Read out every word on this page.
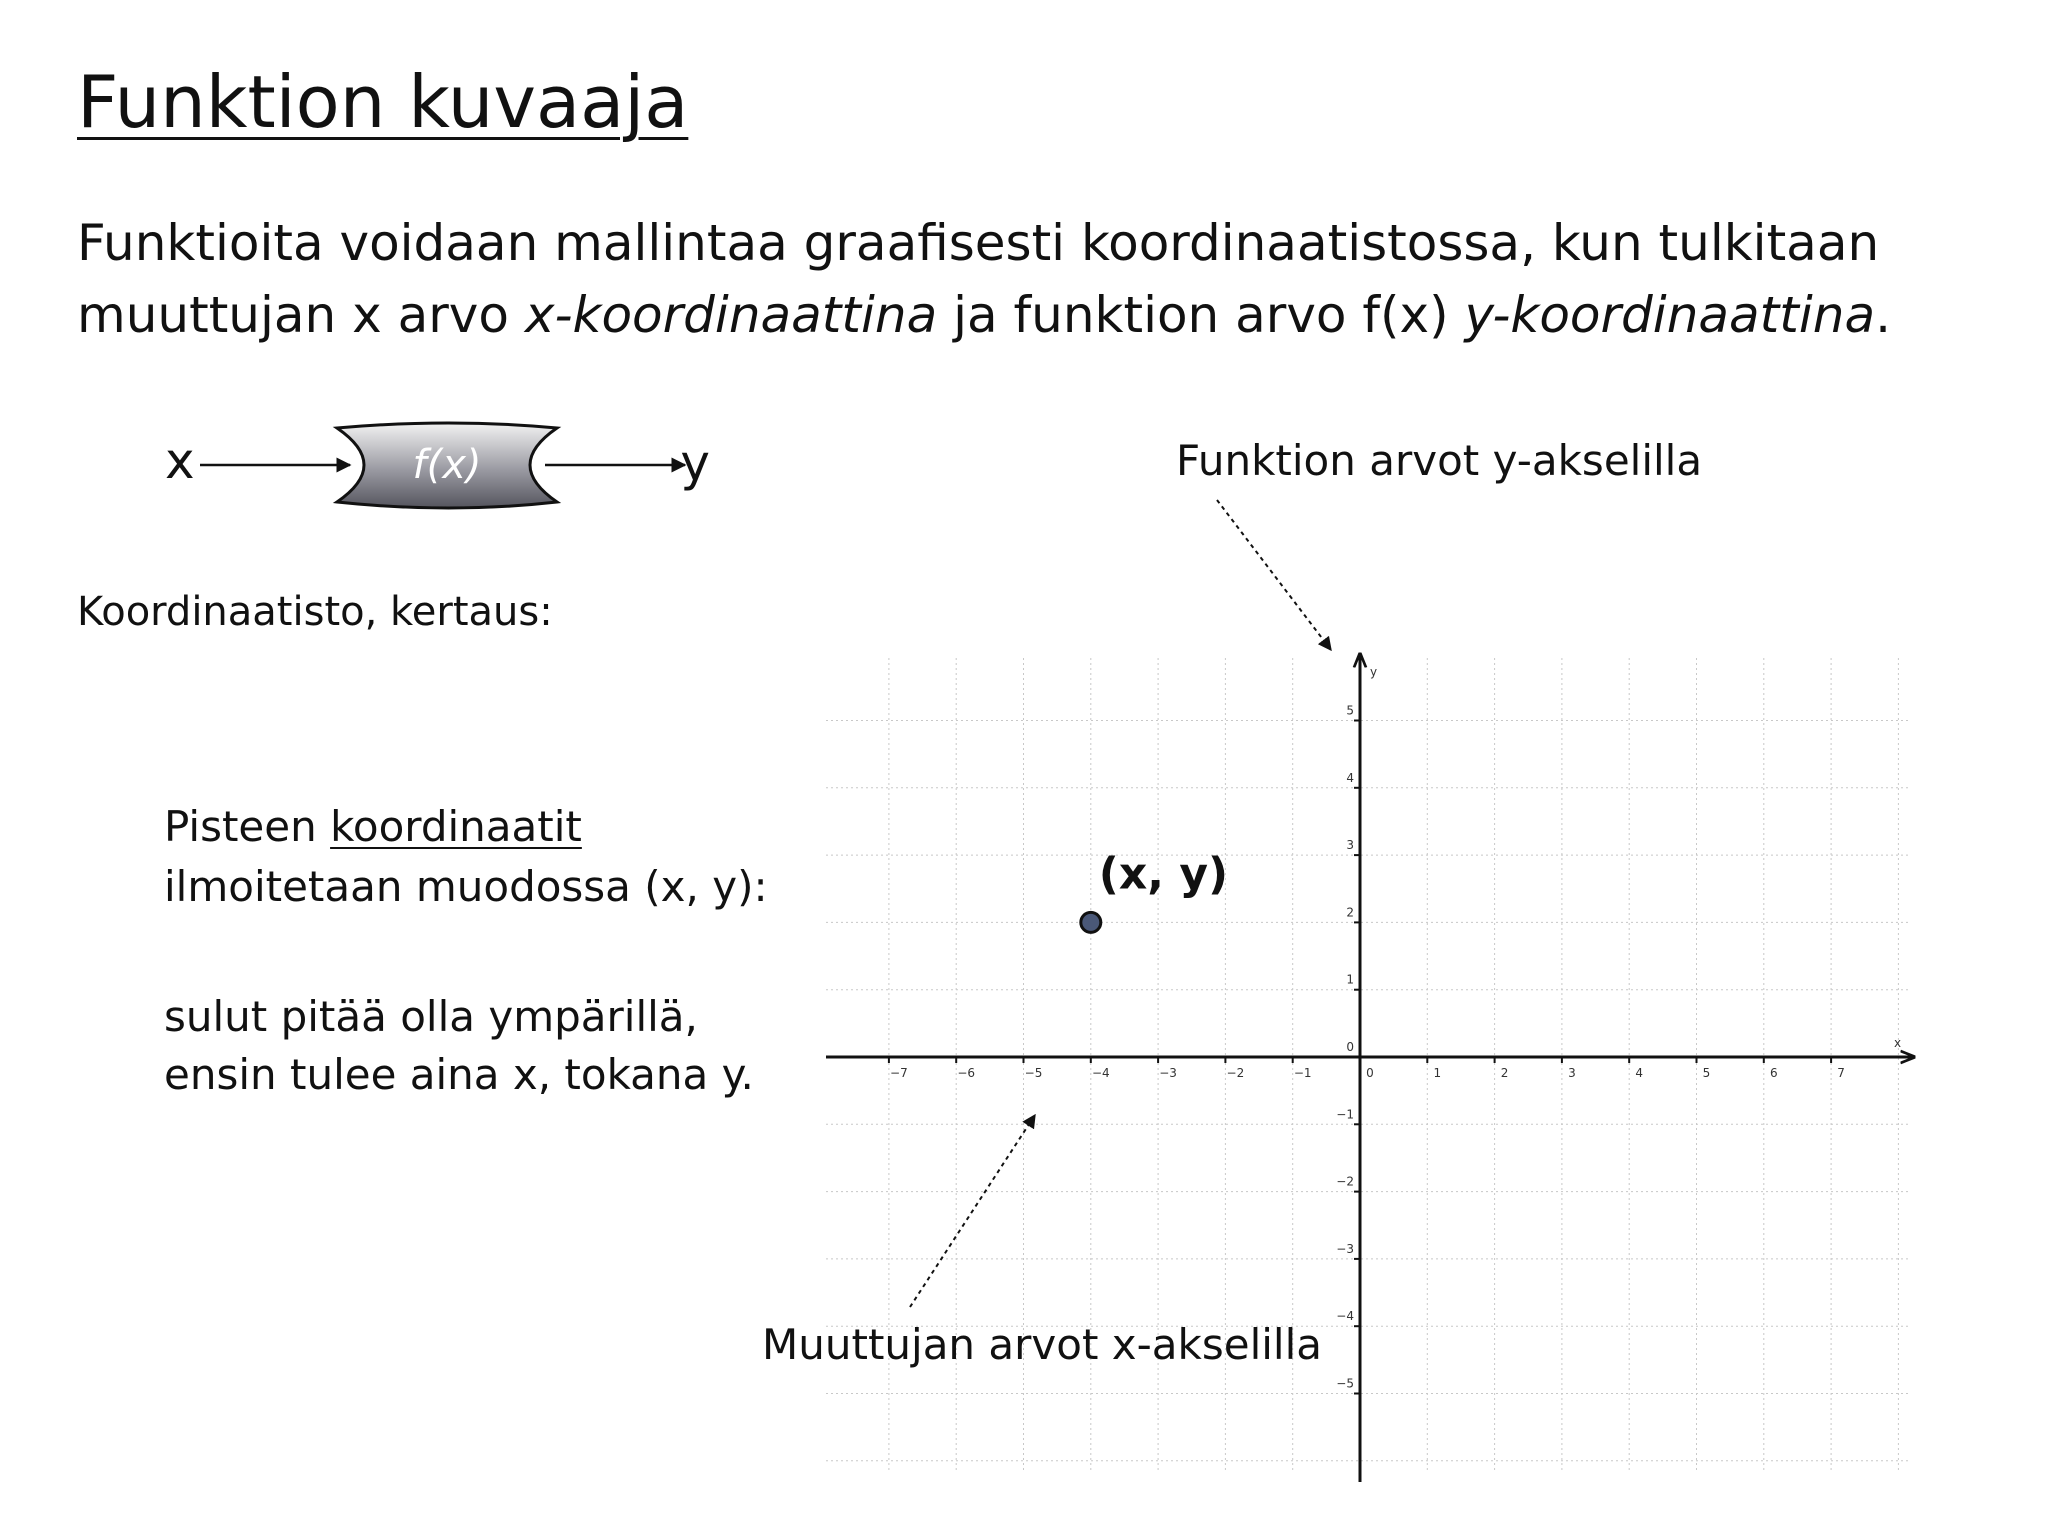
Funktion kuvaaja
Funktioita voidaan mallintaa graafisesti koordinaatistossa, kun tulkitaan
muuttujan x arvo x-koordinaattina ja funktion arvo f(x) y-koordinaattina.
x	f(x)	y
Koordinaatisto, kertaus:
Pisteen koordinaatit
ilmoitetaan muodossa (x, y):
sulut pitää olla ympärillä,
ensin tulee aina x, tokana y.
x
y
−7	−6	−5	−4	−3	−2	−1	0	1	2	3	4	5	6	7
5
4
3
2
1
0
−1
−2
−3
−4
−5
(x, y)
Funktion arvot y-akselilla
Muuttujan arvot x-akselilla
